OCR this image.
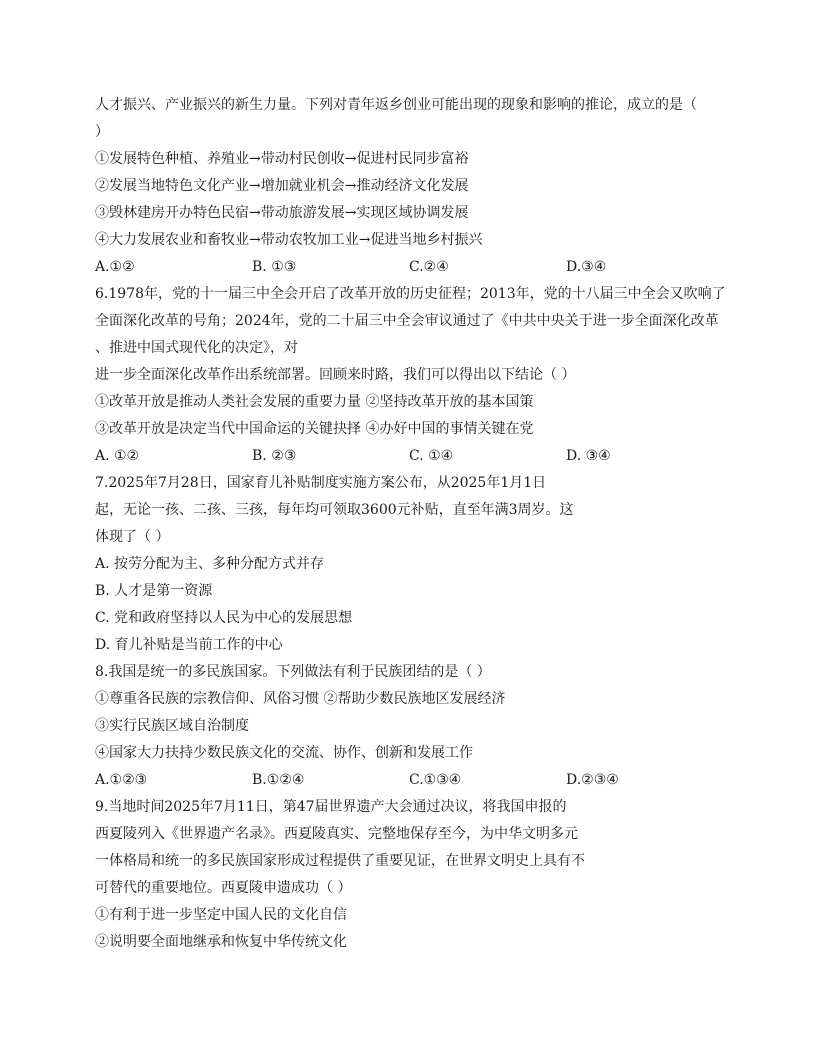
人才振兴、产业振兴的新生力量。下列对青年返乡创业可能出现的现象和影响的推论，成立的是（
）
①发展特色种植、养殖业→带动村民创收→促进村民同步富裕
②发展当地特色文化产业→增加就业机会→推动经济文化发展
③毁林建房开办特色民宿→带动旅游发展→实现区域协调发展
④大力发展农业和畜牧业→带动农牧加工业→促进当地乡村振兴
A.①②	B. ①③	C.②④	D.③④
6.1978年，党的十一届三中全会开启了改革开放的历史征程；2013年，党的十八届三中全会又吹响了
全面深化改革的号角；2024年，党的二十届三中全会审议通过了《中共中央关于进一步全面深化改革
、推进中国式现代化的决定》，对
进一步全面深化改革作出系统部署。回顾来时路，我们可以得出以下结论（ ）
①改革开放是推动人类社会发展的重要力量 ②坚持改革开放的基本国策
③改革开放是决定当代中国命运的关键抉择 ④办好中国的事情关键在党
A. ①②	B. ②③	C. ①④	D. ③④
7.2025年7月28日，国家育儿补贴制度实施方案公布，从2025年1月1日
起，无论一孩、二孩、三孩，每年均可领取3600元补贴，直至年满3周岁。这
体现了（ ）
A. 按劳分配为主、多种分配方式并存
B. 人才是第一资源
C. 党和政府坚持以人民为中心的发展思想
D. 育儿补贴是当前工作的中心
8.我国是统一的多民族国家。下列做法有利于民族团结的是（ ）
①尊重各民族的宗教信仰、风俗习惯 ②帮助少数民族地区发展经济
③实行民族区域自治制度
④国家大力扶持少数民族文化的交流、协作、创新和发展工作
A.①②③	B.①②④	C.①③④	D.②③④
9.当地时间2025年7月11日，第47届世界遗产大会通过决议，将我国申报的
西夏陵列入《世界遗产名录》。西夏陵真实、完整地保存至今，为中华文明多元
一体格局和统一的多民族国家形成过程提供了重要见证，在世界文明史上具有不
可替代的重要地位。西夏陵申遗成功（ ）
①有利于进一步坚定中国人民的文化自信
②说明要全面地继承和恢复中华传统文化
